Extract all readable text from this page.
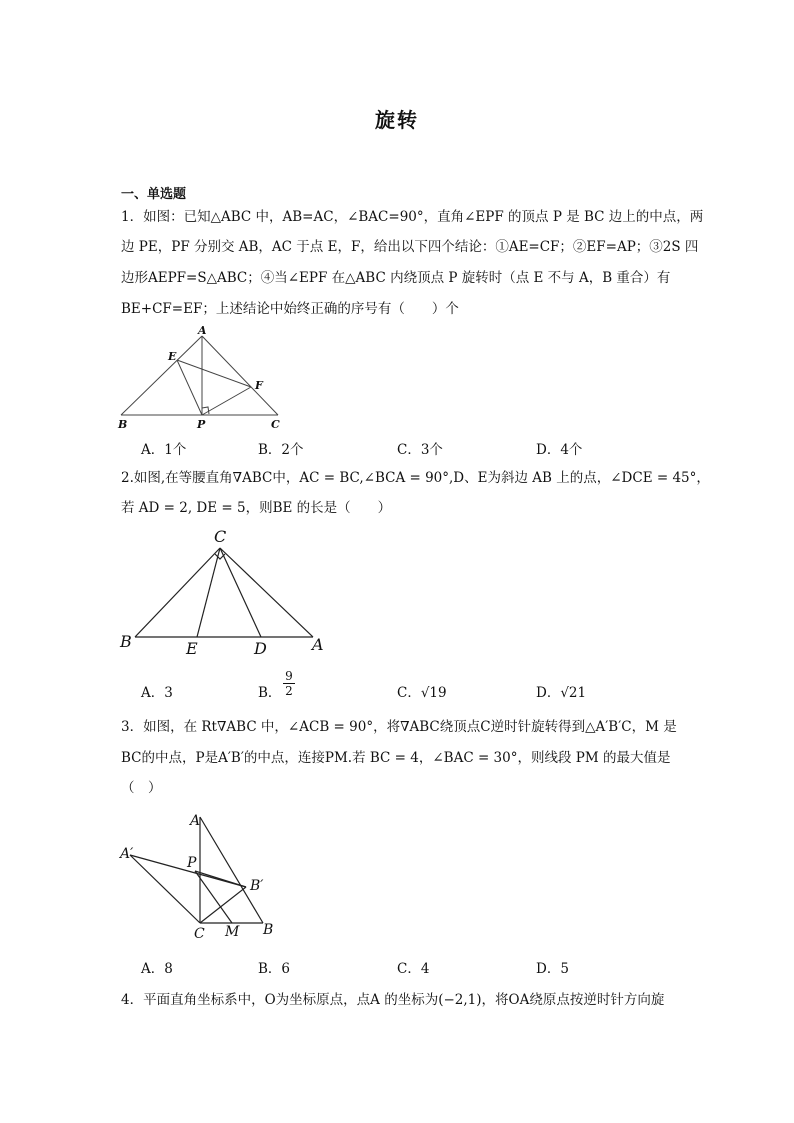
旋转
一、单选题
1．如图：已知△ABC 中，AB=AC，∠BAC=90°，直角∠EPF 的顶点 P 是 BC 边上的中点，两
边 PE，PF 分别交 AB，AC 于点 E，F，给出以下四个结论：①AE=CF；②EF=AP；③2S 四
边形AEPF=S△ABC；④当∠EPF 在△ABC 内绕顶点 P 旋转时（点 E 不与 A，B 重合）有
BE+CF=EF；上述结论中始终正确的序号有（　　）个
A
B	C
E
F
P
A．1个	B．2个	C．3个	D．4个
2.如图,在等腰直角∇ABC中，AC = BC,∠BCA = 90°,D、E为斜边 AB 上的点，∠DCE = 45°，
若 AD = 2, DE = 5，则BE 的长是（　　）
C
B	A
E	D
A．3	B． $\frac{9}{2}$	C．√19	D．√21
3．如图，在 Rt∇ABC 中，∠ACB = 90°，将∇ABC绕顶点C逆时针旋转得到△A′B′C，M 是
BC的中点，P是A′B′的中点，连接PM.若 BC = 4，∠BAC = 30°，则线段 PM 的最大值是
（　）
A
A′
P
B′
C M B
A．8	B．6	C．4	D．5
4．平面直角坐标系中，O为坐标原点，点A 的坐标为(−2,1)，将OA绕原点按逆时针方向旋
